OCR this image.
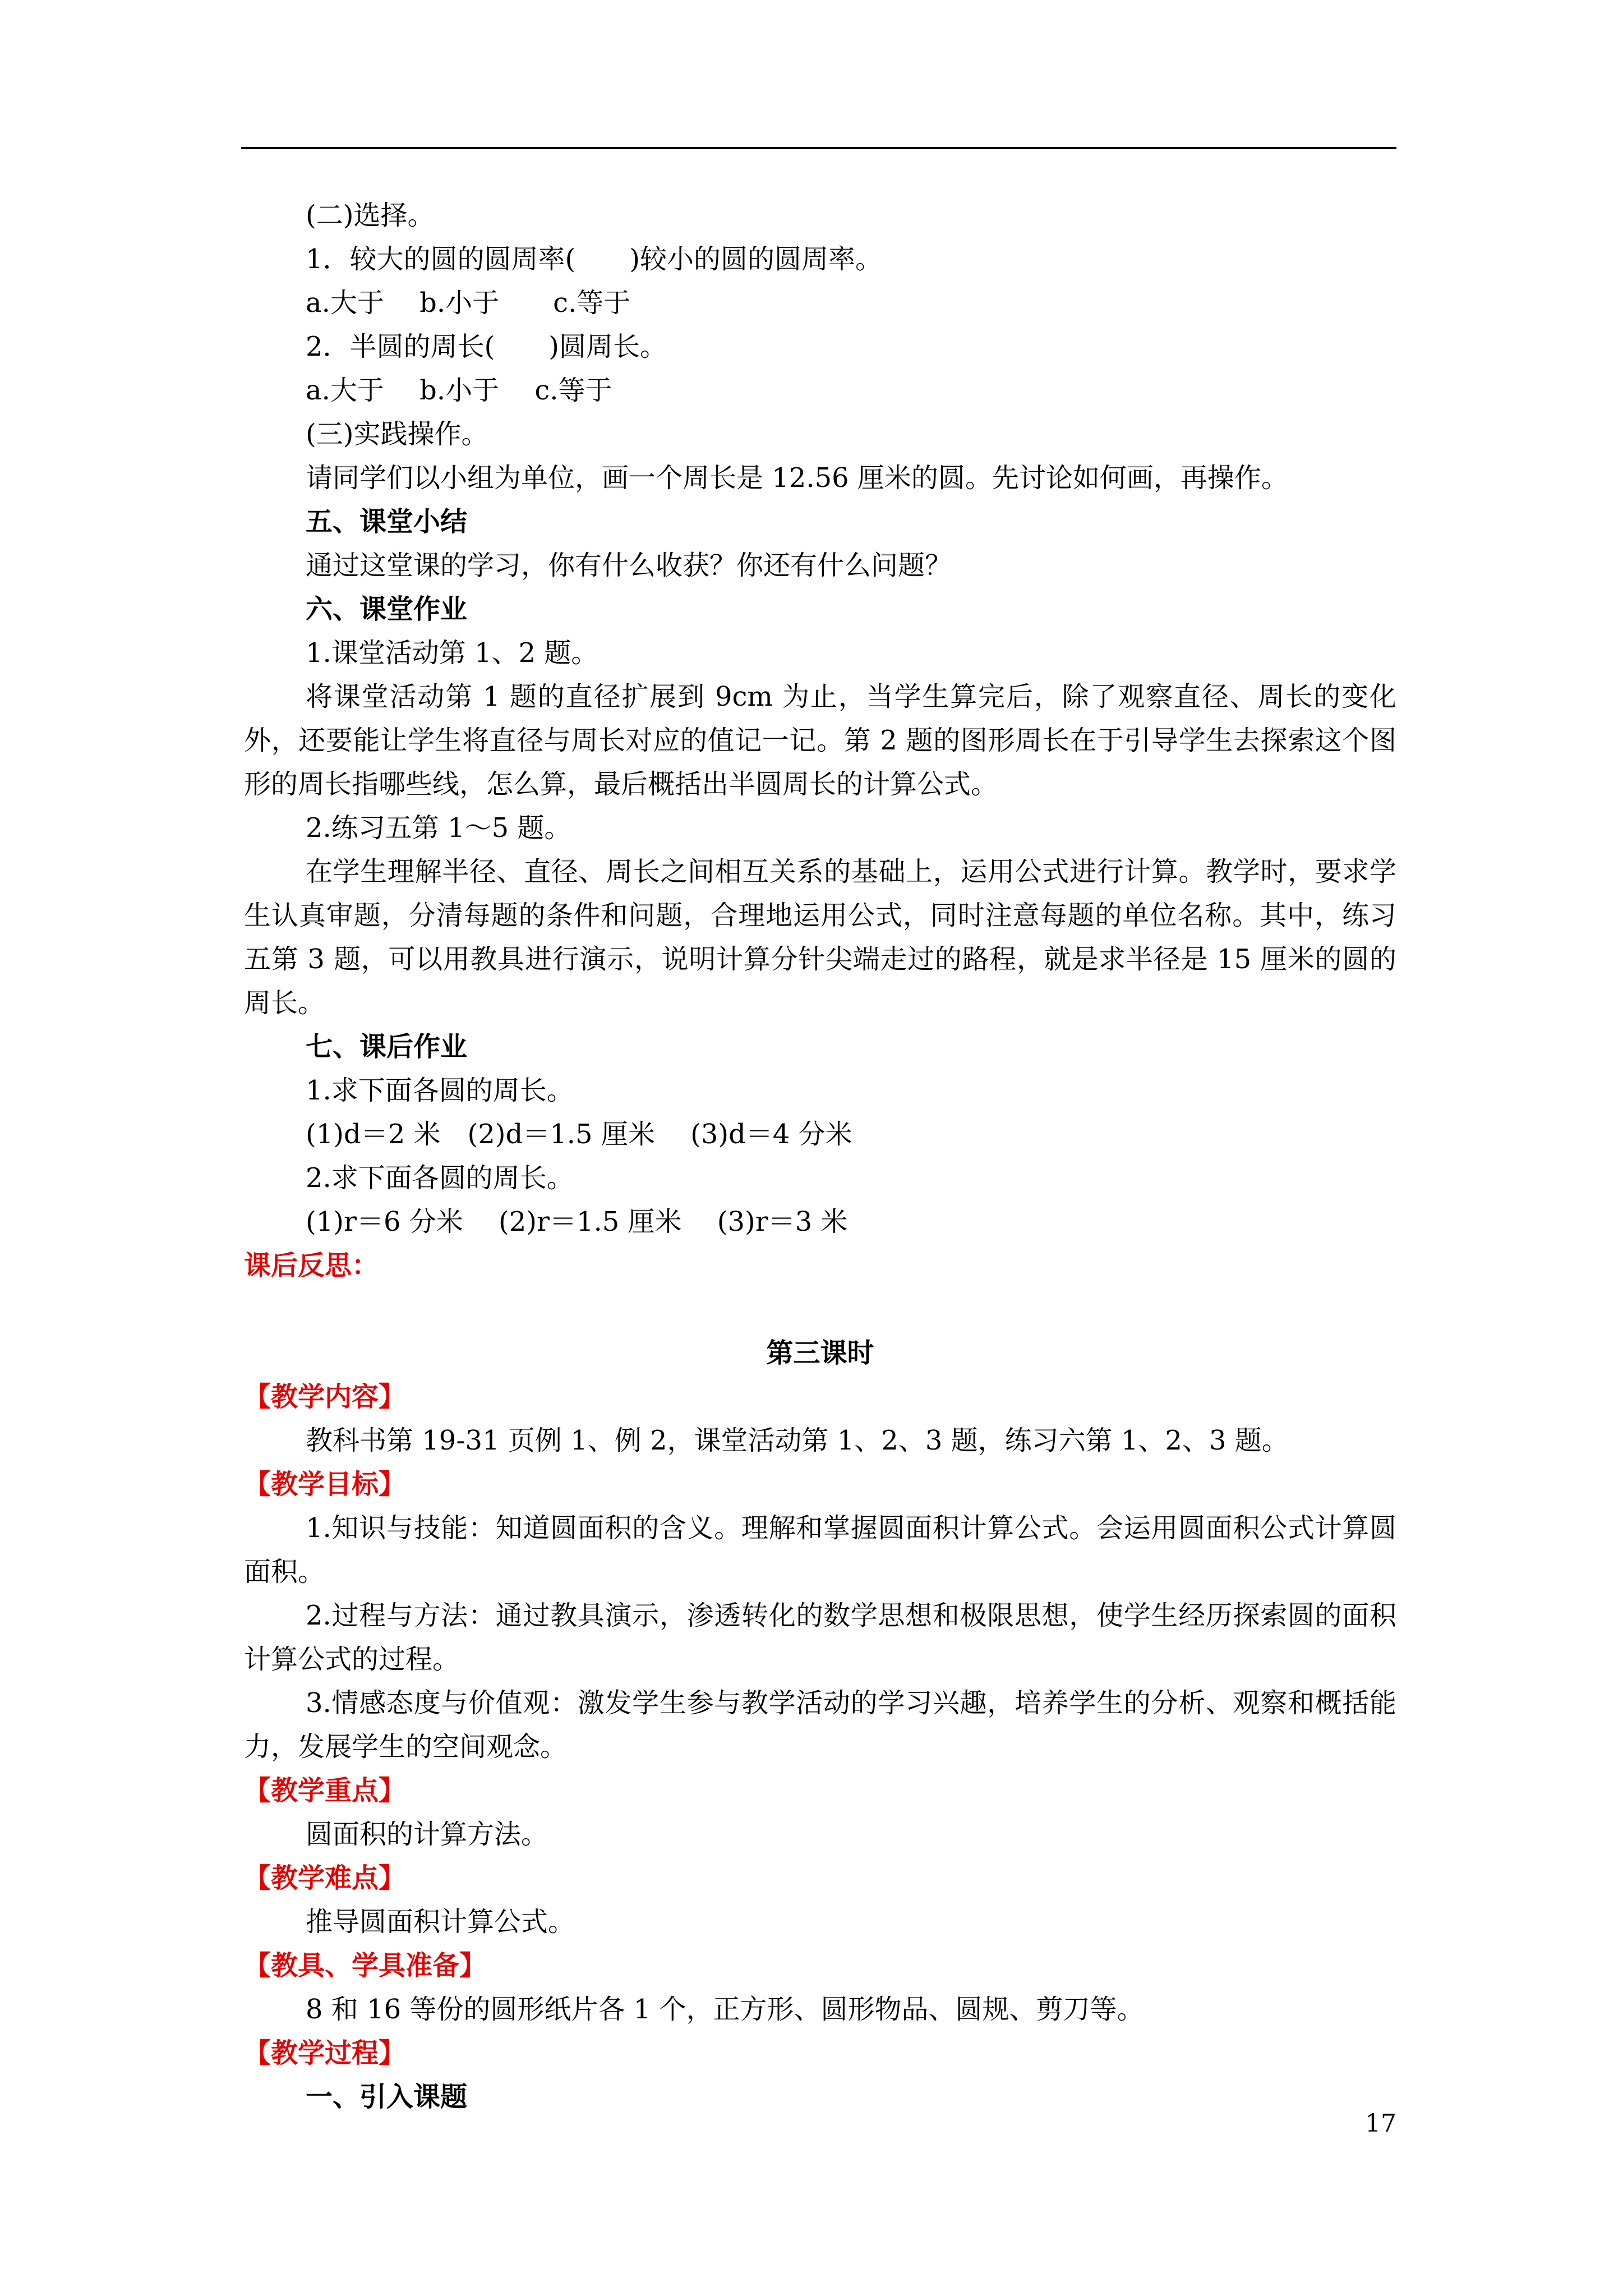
(二)选择。

1．较大的圆的圆周率(　　)较小的圆的圆周率。

a.大于　 b.小于　　c.等于

2．半圆的周长(　　)圆周长。

a.大于　 b.小于　 c.等于

(三)实践操作。

请同学们以小组为单位，画一个周长是 12.56 厘米的圆。先讨论如何画，再操作。

五、课堂小结

通过这堂课的学习，你有什么收获？你还有什么问题？

六、课堂作业

1.课堂活动第 1、2 题。

将课堂活动第 1 题的直径扩展到 9cm 为止，当学生算完后，除了观察直径、周长的变化外，还要能让学生将直径与周长对应的值记一记。第 2 题的图形周长在于引导学生去探索这个图形的周长指哪些线，怎么算，最后概括出半圆周长的计算公式。

2.练习五第 1～5 题。

在学生理解半径、直径、周长之间相互关系的基础上，运用公式进行计算。教学时，要求学生认真审题，分清每题的条件和问题，合理地运用公式，同时注意每题的单位名称。其中，练习五第 3 题，可以用教具进行演示，说明计算分针尖端走过的路程，就是求半径是 15 厘米的圆的周长。

七、课后作业

1.求下面各圆的周长。

(1)d＝2 米　(2)d＝1.5 厘米　 (3)d＝4 分米

2.求下面各圆的周长。

(1)r＝6 分米　 (2)r＝1.5 厘米　 (3)r＝3 米

课后反思：

第三课时

【教学内容】

教科书第 19-31 页例 1、例 2，课堂活动第 1、2、3 题，练习六第 1、2、3 题。

【教学目标】

1.知识与技能：知道圆面积的含义。理解和掌握圆面积计算公式。会运用圆面积公式计算圆面积。

2.过程与方法：通过教具演示，渗透转化的数学思想和极限思想，使学生经历探索圆的面积计算公式的过程。

3.情感态度与价值观：激发学生参与教学活动的学习兴趣，培养学生的分析、观察和概括能力，发展学生的空间观念。

【教学重点】

圆面积的计算方法。

【教学难点】

推导圆面积计算公式。

【教具、学具准备】

8 和 16 等份的圆形纸片各 1 个，正方形、圆形物品、圆规、剪刀等。

【教学过程】

一、引入课题

17
